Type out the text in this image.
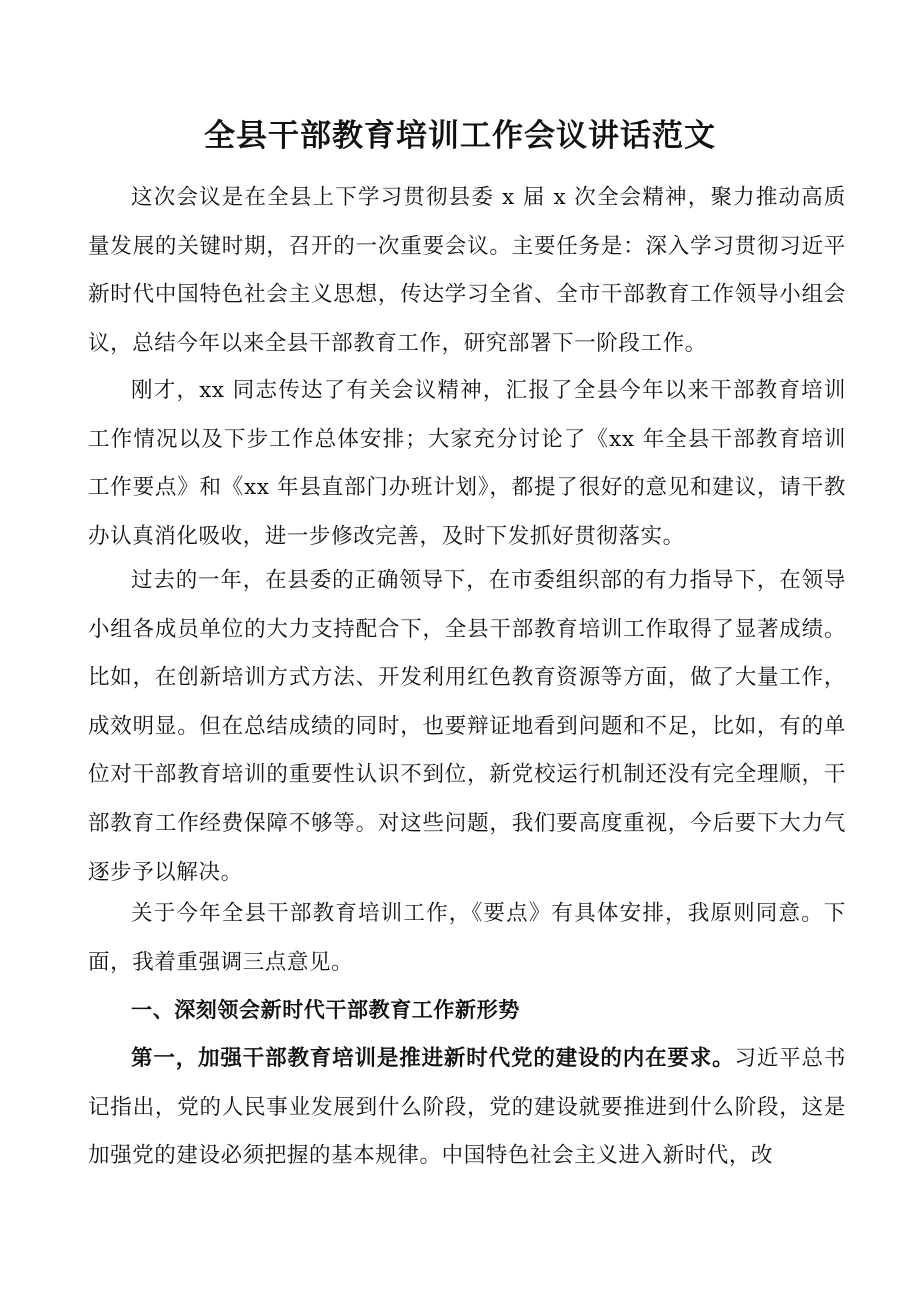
全县干部教育培训工作会议讲话范文

这次会议是在全县上下学习贯彻县委 x 届 x 次全会精神，聚力推动高质量发展的关键时期，召开的一次重要会议。主要任务是：深入学习贯彻习近平新时代中国特色社会主义思想，传达学习全省、全市干部教育工作领导小组会议，总结今年以来全县干部教育工作，研究部署下一阶段工作。

刚才，xx 同志传达了有关会议精神，汇报了全县今年以来干部教育培训工作情况以及下步工作总体安排；大家充分讨论了《xx 年全县干部教育培训工作要点》和《xx 年县直部门办班计划》，都提了很好的意见和建议，请干教办认真消化吸收，进一步修改完善，及时下发抓好贯彻落实。

过去的一年，在县委的正确领导下，在市委组织部的有力指导下，在领导小组各成员单位的大力支持配合下，全县干部教育培训工作取得了显著成绩。比如，在创新培训方式方法、开发利用红色教育资源等方面，做了大量工作，成效明显。但在总结成绩的同时，也要辩证地看到问题和不足，比如，有的单位对干部教育培训的重要性认识不到位，新党校运行机制还没有完全理顺，干部教育工作经费保障不够等。对这些问题，我们要高度重视，今后要下大力气逐步予以解决。

关于今年全县干部教育培训工作，《要点》有具体安排，我原则同意。下面，我着重强调三点意见。

一、深刻领会新时代干部教育工作新形势

第一，加强干部教育培训是推进新时代党的建设的内在要求。习近平总书记指出，党的人民事业发展到什么阶段，党的建设就要推进到什么阶段，这是加强党的建设必须把握的基本规律。中国特色社会主义进入新时代，改
